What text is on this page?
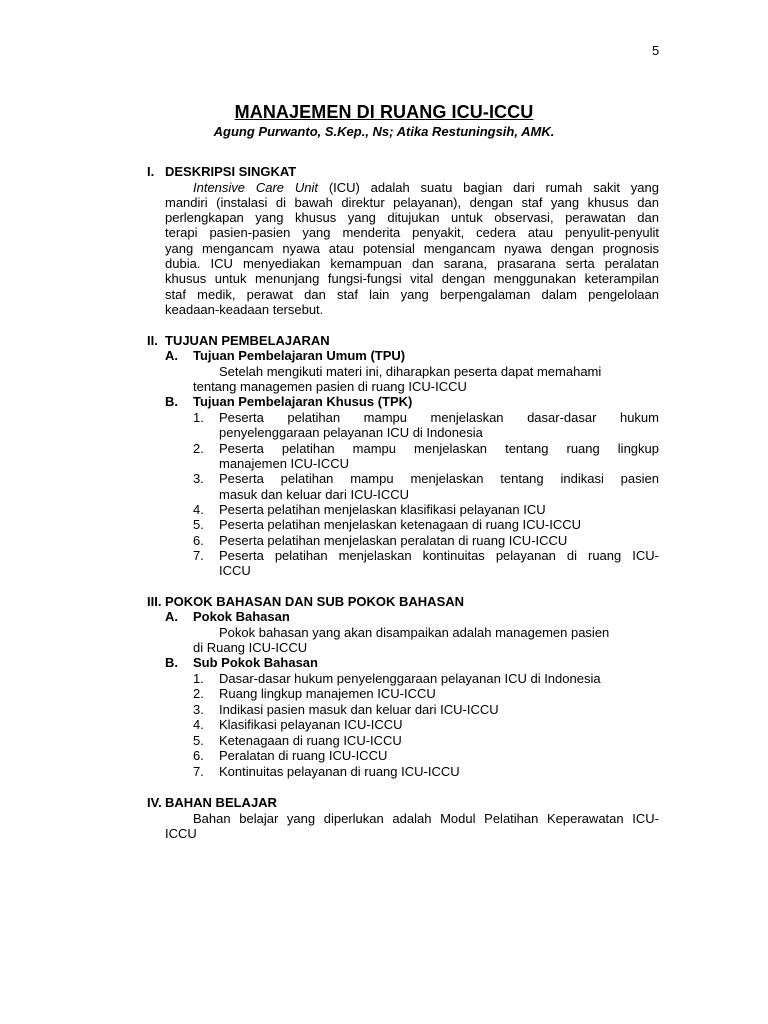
5
MANAJEMEN DI RUANG ICU-ICCU
Agung Purwanto, S.Kep., Ns; Atika Restuningsih, AMK.
I. DESKRIPSI SINGKAT
Intensive Care Unit (ICU) adalah suatu bagian dari rumah sakit yang
mandiri (instalasi di bawah direktur pelayanan), dengan staf yang khusus dan
perlengkapan yang khusus yang ditujukan untuk observasi, perawatan dan
terapi pasien-pasien yang menderita penyakit, cedera atau penyulit-penyulit
yang mengancam nyawa atau potensial mengancam nyawa dengan prognosis
dubia. ICU menyediakan kemampuan dan sarana, prasarana serta peralatan
khusus untuk menunjang fungsi-fungsi vital dengan menggunakan keterampilan
staf medik, perawat dan staf lain yang berpengalaman dalam pengelolaan
keadaan-keadaan tersebut.
II. TUJUAN PEMBELAJARAN
A. Tujuan Pembelajaran Umum (TPU)
Setelah mengikuti materi ini, diharapkan peserta dapat memahami
tentang managemen pasien di ruang ICU-ICCU
B. Tujuan Pembelajaran Khusus (TPK)
1. Peserta pelatihan mampu menjelaskan dasar-dasar hukum
penyelenggaraan pelayanan ICU di Indonesia
2. Peserta pelatihan mampu menjelaskan tentang ruang lingkup
manajemen ICU-ICCU
3. Peserta pelatihan mampu menjelaskan tentang indikasi pasien
masuk dan keluar dari ICU-ICCU
4. Peserta pelatihan menjelaskan klasifikasi pelayanan ICU
5. Peserta pelatihan menjelaskan ketenagaan di ruang ICU-ICCU
6. Peserta pelatihan menjelaskan peralatan di ruang ICU-ICCU
7. Peserta pelatihan menjelaskan kontinuitas pelayanan di ruang ICU-
ICCU
III. POKOK BAHASAN DAN SUB POKOK BAHASAN
A. Pokok Bahasan
Pokok bahasan yang akan disampaikan adalah managemen pasien
di Ruang ICU-ICCU
B. Sub Pokok Bahasan
1. Dasar-dasar hukum penyelenggaraan pelayanan ICU di Indonesia
2. Ruang lingkup manajemen ICU-ICCU
3. Indikasi pasien masuk dan keluar dari ICU-ICCU
4. Klasifikasi pelayanan ICU-ICCU
5. Ketenagaan di ruang ICU-ICCU
6. Peralatan di ruang ICU-ICCU
7. Kontinuitas pelayanan di ruang ICU-ICCU
IV. BAHAN BELAJAR
Bahan belajar yang diperlukan adalah Modul Pelatihan Keperawatan ICU-
ICCU
